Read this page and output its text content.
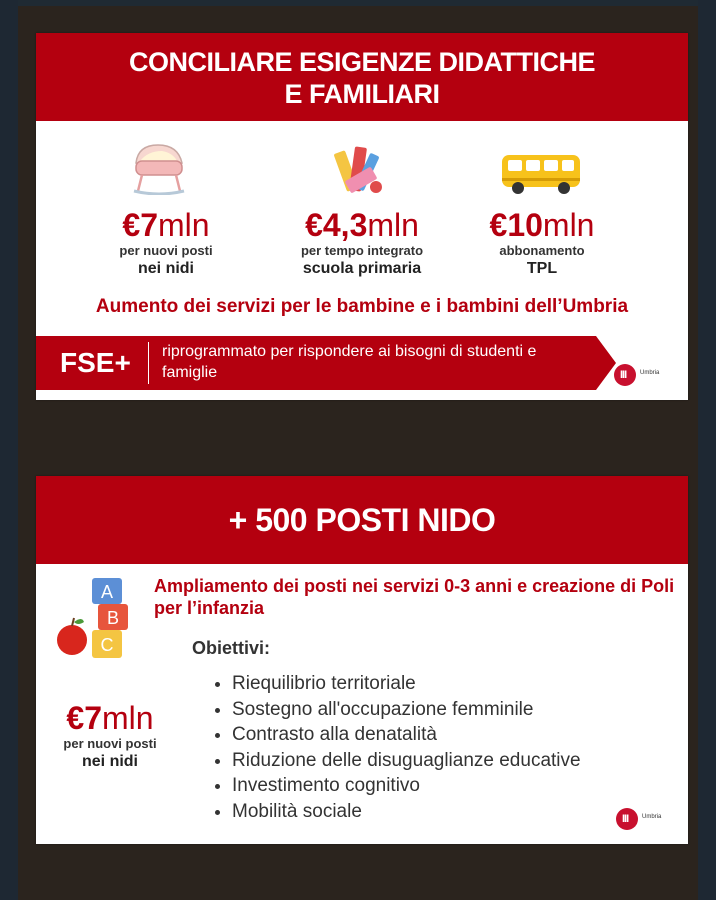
CONCILIARE ESIGENZE DIDATTICHE
E FAMILIARI
€7mln
per nuovi posti
nei nidi
€4,3mln
per tempo integrato
scuola primaria
€10mln
abbonamento
TPL
Aumento dei servizi per le bambine e i bambini dell’Umbria
FSE+ riprogrammato per rispondere ai bisogni di studenti e famiglie	III Umbria
+ 500 POSTI NIDO
A
B
C
Ampliamento dei posti nei servizi 0-3 anni e creazione di Poli per l’infanzia
Obiettivi:
• Riequilibrio territoriale
• Sostegno all'occupazione femminile
• Contrasto alla denatalità
• Riduzione delle disuguaglianze educative
• Investimento cognitivo
• Mobilità sociale
€7mln
per nuovi posti
nei nidi
III Umbria
